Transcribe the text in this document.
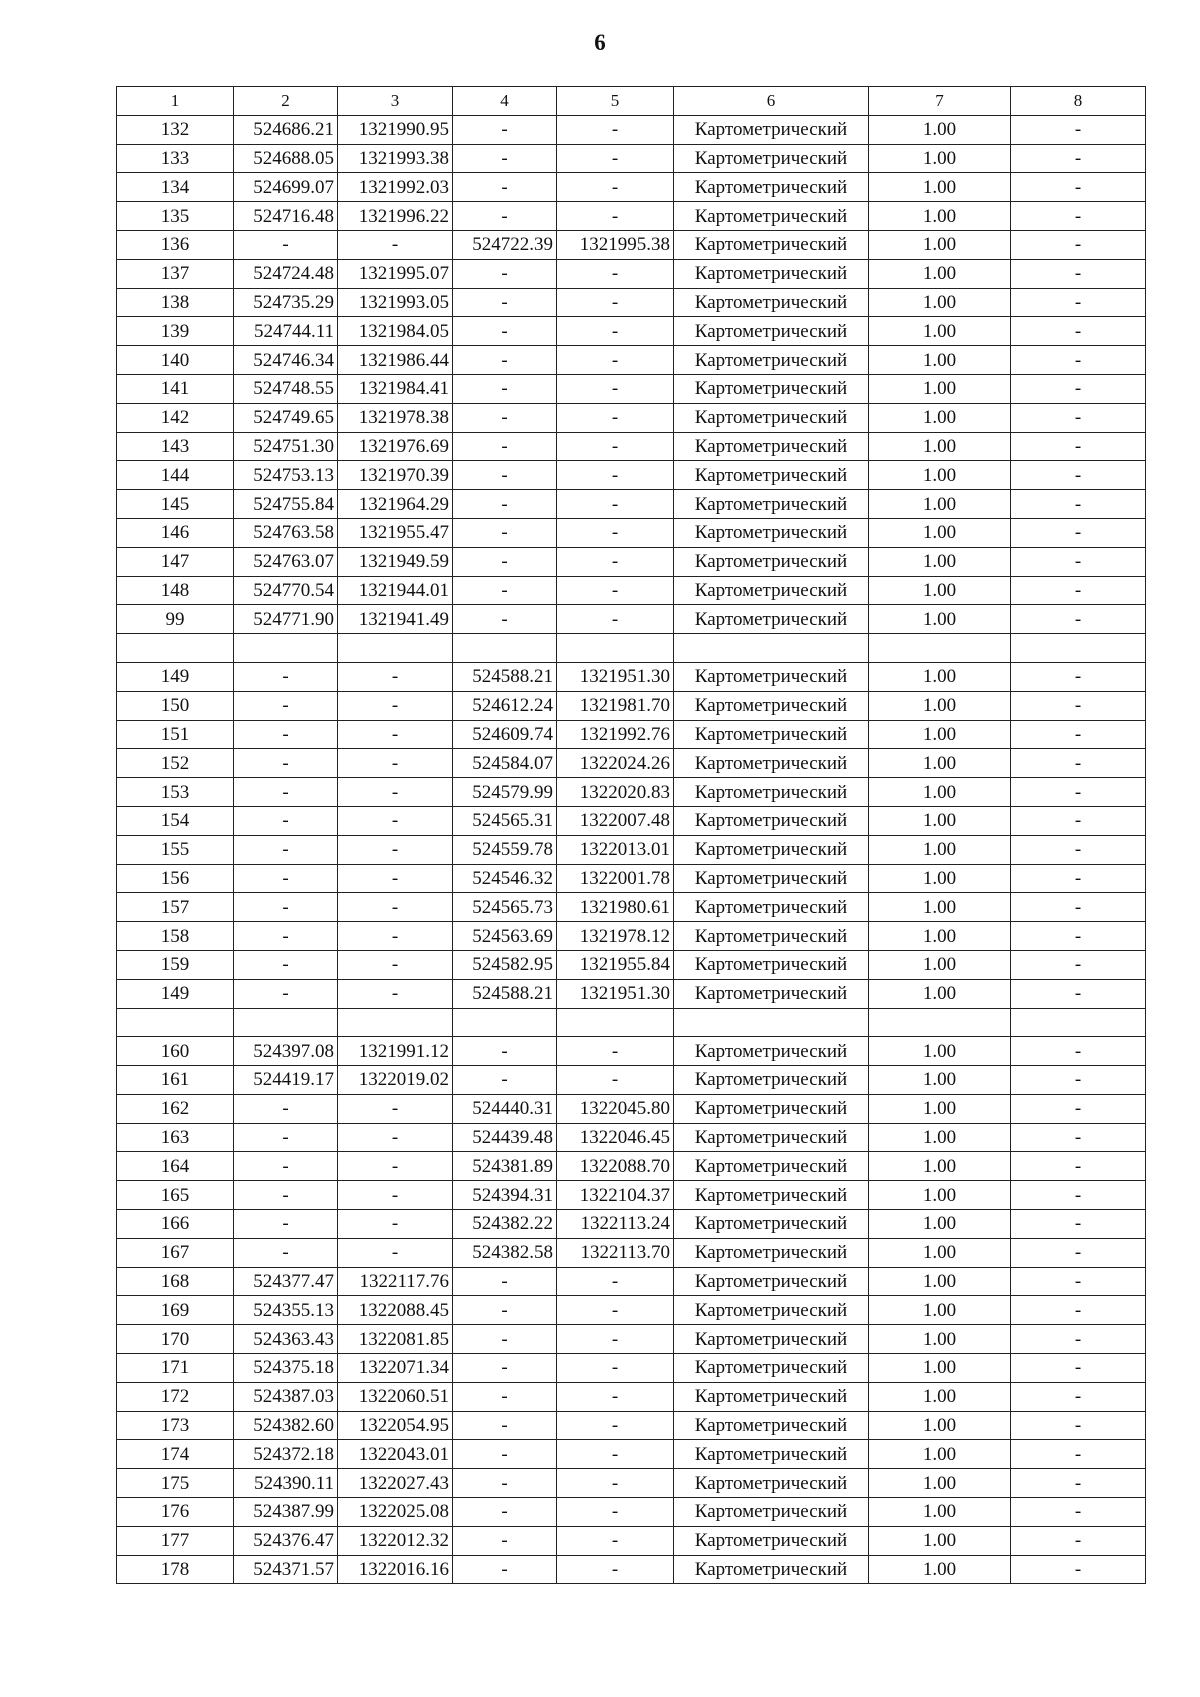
6
1	2	3	4	5	6	7	8
132	524686.21	1321990.95	-	-	Картометрический	1.00	-
133	524688.05	1321993.38	-	-	Картометрический	1.00	-
134	524699.07	1321992.03	-	-	Картометрический	1.00	-
135	524716.48	1321996.22	-	-	Картометрический	1.00	-
136	-	-	524722.39	1321995.38	Картометрический	1.00	-
137	524724.48	1321995.07	-	-	Картометрический	1.00	-
138	524735.29	1321993.05	-	-	Картометрический	1.00	-
139	524744.11	1321984.05	-	-	Картометрический	1.00	-
140	524746.34	1321986.44	-	-	Картометрический	1.00	-
141	524748.55	1321984.41	-	-	Картометрический	1.00	-
142	524749.65	1321978.38	-	-	Картометрический	1.00	-
143	524751.30	1321976.69	-	-	Картометрический	1.00	-
144	524753.13	1321970.39	-	-	Картометрический	1.00	-
145	524755.84	1321964.29	-	-	Картометрический	1.00	-
146	524763.58	1321955.47	-	-	Картометрический	1.00	-
147	524763.07	1321949.59	-	-	Картометрический	1.00	-
148	524770.54	1321944.01	-	-	Картометрический	1.00	-
99	524771.90	1321941.49	-	-	Картометрический	1.00	-

149	-	-	524588.21	1321951.30	Картометрический	1.00	-
150	-	-	524612.24	1321981.70	Картометрический	1.00	-
151	-	-	524609.74	1321992.76	Картометрический	1.00	-
152	-	-	524584.07	1322024.26	Картометрический	1.00	-
153	-	-	524579.99	1322020.83	Картометрический	1.00	-
154	-	-	524565.31	1322007.48	Картометрический	1.00	-
155	-	-	524559.78	1322013.01	Картометрический	1.00	-
156	-	-	524546.32	1322001.78	Картометрический	1.00	-
157	-	-	524565.73	1321980.61	Картометрический	1.00	-
158	-	-	524563.69	1321978.12	Картометрический	1.00	-
159	-	-	524582.95	1321955.84	Картометрический	1.00	-
149	-	-	524588.21	1321951.30	Картометрический	1.00	-

160	524397.08	1321991.12	-	-	Картометрический	1.00	-
161	524419.17	1322019.02	-	-	Картометрический	1.00	-
162	-	-	524440.31	1322045.80	Картометрический	1.00	-
163	-	-	524439.48	1322046.45	Картометрический	1.00	-
164	-	-	524381.89	1322088.70	Картометрический	1.00	-
165	-	-	524394.31	1322104.37	Картометрический	1.00	-
166	-	-	524382.22	1322113.24	Картометрический	1.00	-
167	-	-	524382.58	1322113.70	Картометрический	1.00	-
168	524377.47	1322117.76	-	-	Картометрический	1.00	-
169	524355.13	1322088.45	-	-	Картометрический	1.00	-
170	524363.43	1322081.85	-	-	Картометрический	1.00	-
171	524375.18	1322071.34	-	-	Картометрический	1.00	-
172	524387.03	1322060.51	-	-	Картометрический	1.00	-
173	524382.60	1322054.95	-	-	Картометрический	1.00	-
174	524372.18	1322043.01	-	-	Картометрический	1.00	-
175	524390.11	1322027.43	-	-	Картометрический	1.00	-
176	524387.99	1322025.08	-	-	Картометрический	1.00	-
177	524376.47	1322012.32	-	-	Картометрический	1.00	-
178	524371.57	1322016.16	-	-	Картометрический	1.00	-
